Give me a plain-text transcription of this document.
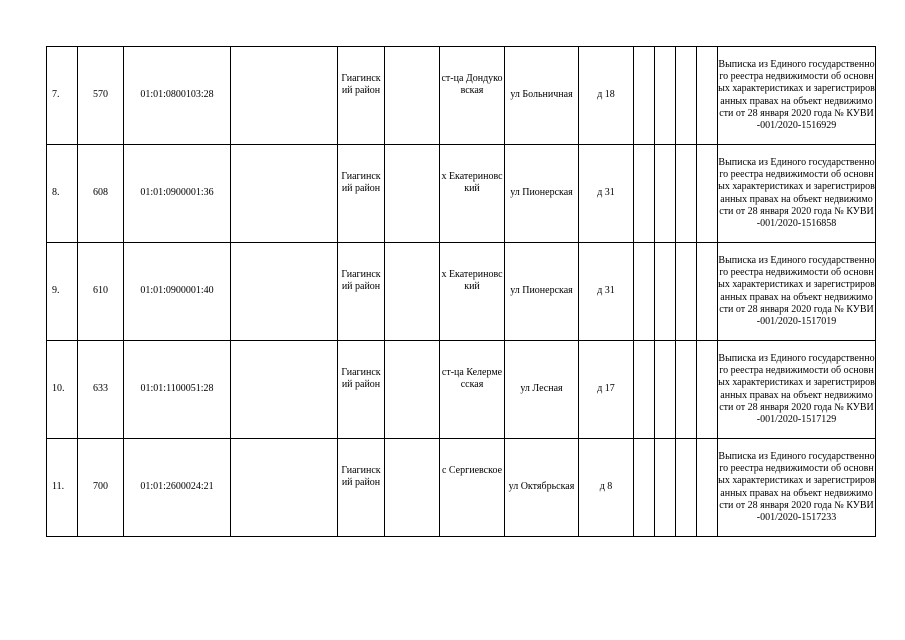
7.	570	01:01:0800103:28		Гиагинский район		ст-ца Дондуковская	ул Больничная	д 18					Выписка из Единого государственного реестра недвижимости об основных характеристиках и зарегистрированных правах на объект недвижимости от 28 января 2020 года № КУВИ-001/2020-1516929
8.	608	01:01:0900001:36		Гиагинский район		х Екатериновский	ул Пионерская	д 31					Выписка из Единого государственного реестра недвижимости об основных характеристиках и зарегистрированных правах на объект недвижимости от 28 января 2020 года № КУВИ-001/2020-1516858
9.	610	01:01:0900001:40		Гиагинский район		х Екатериновский	ул Пионерская	д 31					Выписка из Единого государственного реестра недвижимости об основных характеристиках и зарегистрированных правах на объект недвижимости от 28 января 2020 года № КУВИ-001/2020-1517019
10.	633	01:01:1100051:28		Гиагинский район		ст-ца Келермесская	ул Лесная	д 17					Выписка из Единого государственного реестра недвижимости об основных характеристиках и зарегистрированных правах на объект недвижимости от 28 января 2020 года № КУВИ-001/2020-1517129
11.	700	01:01:2600024:21		Гиагинский район		с Сергиевское	ул Октябрьская	д 8					Выписка из Единого государственного реестра недвижимости об основных характеристиках и зарегистрированных правах на объект недвижимости от 28 января 2020 года № КУВИ-001/2020-1517233
